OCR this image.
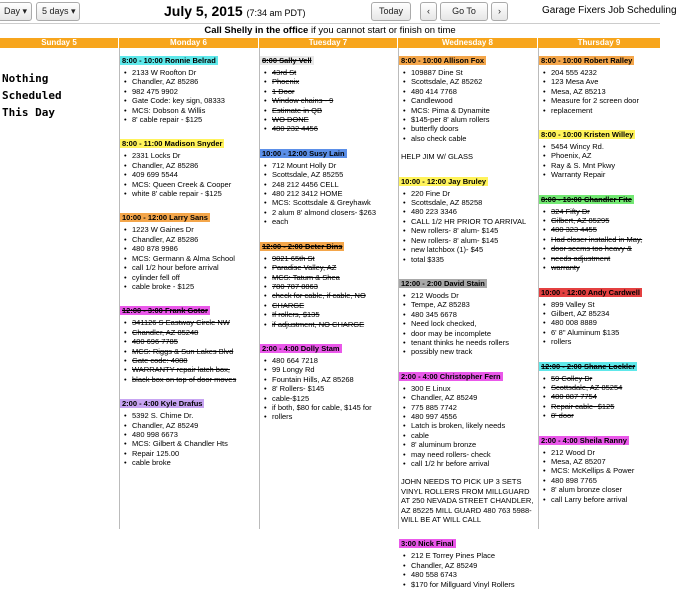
Day ▾	5 days ▾	July 5, 2015 (7:34 am PDT)	Today	‹	Go To	›	Garage Fixers Job Scheduling
Call Shelly in the office if you cannot start or finish on time
Sunday 5	Monday 6	Tuesday 7	Wednesday 8	Thursday 9
Nothing
Scheduled
This Day
8:00 - 10:00 Ronnie Belrad
• 2133 W Roofton Dr
• Chandler, AZ 85286
• 982 475 9902
• Gate Code: key sign, 08333
• MCS: Dobson & Willis
• 8' cable repair - $125
8:00 - 11:00 Madison Snyder
• 2331 Locks Dr
• Chandler, AZ 85286
• 409 699 5544
• MCS: Queen Creek & Cooper
• white 8' cable repair - $125
10:00 - 12:00 Larry Sans
• 1223 W Gaines Dr
• Chandler, AZ 85286
• 480 878 9986
• MCS: Germann & Alma School
• call 1/2 hour before arrival
• cylinder fell off
• cable broke - $125
12:00 - 3:00 Frank Gotor
• 341126 S Eastway Circle NW
• Chandler, AZ 85248
• 480 696 7785
• MCS: Riggs & Sun Lakes Blvd
• Gate code: 4088
• WARRANTY repair latch box,
• black box on top of door moves
2:00 - 4:00 Kyle Drafus
• 5392 S. Chime Dr.
• Chandler, AZ 85249
• 480 998 6673
• MCS: Gilbert & Chandler Hts
• Repair 125.00
• cable broke
8:00 Sally Vell
• 43rd St
• Phoenix
• 1 Door
• Window chains - 9
• Estimate in QB
• WO DONE
• 480 232 4456
10:00 - 12:00 Susy Lain
• 712 Mount Holly Dr
• Scottsdale, AZ 85255
• 248 212 4456 CELL
• 480 212 3412 HOME
• MCS: Scottsdale & Greyhawk
• 2 alum 8' almond closers- $263
• each
12:00 - 2:00 Deter Dins
• 9821 65th St
• Paradise Valley, AZ
• MCS: Tatum & Shea
• 780 787 8863
• check for cable, if cable, NO
• CHARGE
• If rollers, $135
• if adjustment, NO CHARGE
2:00 - 4:00 Dolly Stam
• 480 664 7218
• 99 Longy Rd
• Fountain Hills, AZ 85268
• 8' Rollers- $145
• cable-$125
• if both, $80 for cable, $145 for
• rollers
8:00 - 10:00 Allison Fox
• 109887 Dine St
• Scottsdale, AZ 85262
• 480 414 7768
• Candlewood
• MCS: Pima & Dynamite
• $145-per 8' alum rollers
• butterfly doors
• also check cable
HELP JIM W/ GLASS
10:00 - 12:00 Jay Bruley
• 220 Fine Dr
• Scottsdale, AZ 85258
• 480 223 3346
• CALL 1/2 HR PRIOR TO ARRIVAL
• New rollers- 8' alum- $145
• New rollers- 8' alum- $145
• new latchbox (1)- $45
• total $335
12:00 - 2:00 David Stain
• 212 Woods Dr
• Tempe, AZ 85283
• 480 345 6678
• Need lock checked,
• door may be incomplete
• tenant thinks he needs rollers
• possibly new track
2:00 - 4:00 Christopher Fern
• 300 E Linux
• Chandler, AZ 85249
• 775 885 7742
• 480 997 4556
• Latch is broken, likely needs
• cable
• 8' aluminum bronze
• may need rollers- check
• call 1/2 hr before arrival
JOHN NEEDS TO PICK UP 3 SETS VINYL ROLLERS FROM MILLGUARD AT 250 NEVADA STREET CHANDLER, AZ 85225 MILL GUARD 480 763 5988- WILL BE AT WILL CALL
3:00 Nick Final
• 212 E Torrey Pines Place
• Chandler, AZ 85249
• 480 558 6743
• $170 for Millguard Vinyl Rollers
8:00 - 10:00 Robert Ralley
• 204 555 4232
• 123 Mesa Ave
• Mesa, AZ 85213
• Measure for 2 screen door
• replacement
8:00 - 10:00 Kristen Willey
• 5454 Wincy Rd.
• Phoenix, AZ
• Ray & S. Mnt Pkwy
• Warranty Repair
8:00 - 10:00 Chandler Fite
• 324 Fifty Dr
• Gilbert, AZ 85295
• 480 323 4455
• Had closer installed in May,
• door seems too heavy &
• needs adjustment
• warranty
10:00 - 12:00 Andy Cardwell
• 899 Valley St
• Gilbert, AZ 85234
• 480 008 8889
• 6' 8" Aluminum $135
• rollers
12:00 - 2:00 Shane Lockler
• 59 Colley Dr
• Scottsdale, AZ 85254
• 480 887 7754
• Repair cable- $125
• 8' door
2:00 - 4:00 Sheila Ranny
• 212 Wood Dr
• Mesa, AZ 85207
• MCS: McKellips & Power
• 480 898 7765
• 8' alum bronze closer
• call Larry before arrival
